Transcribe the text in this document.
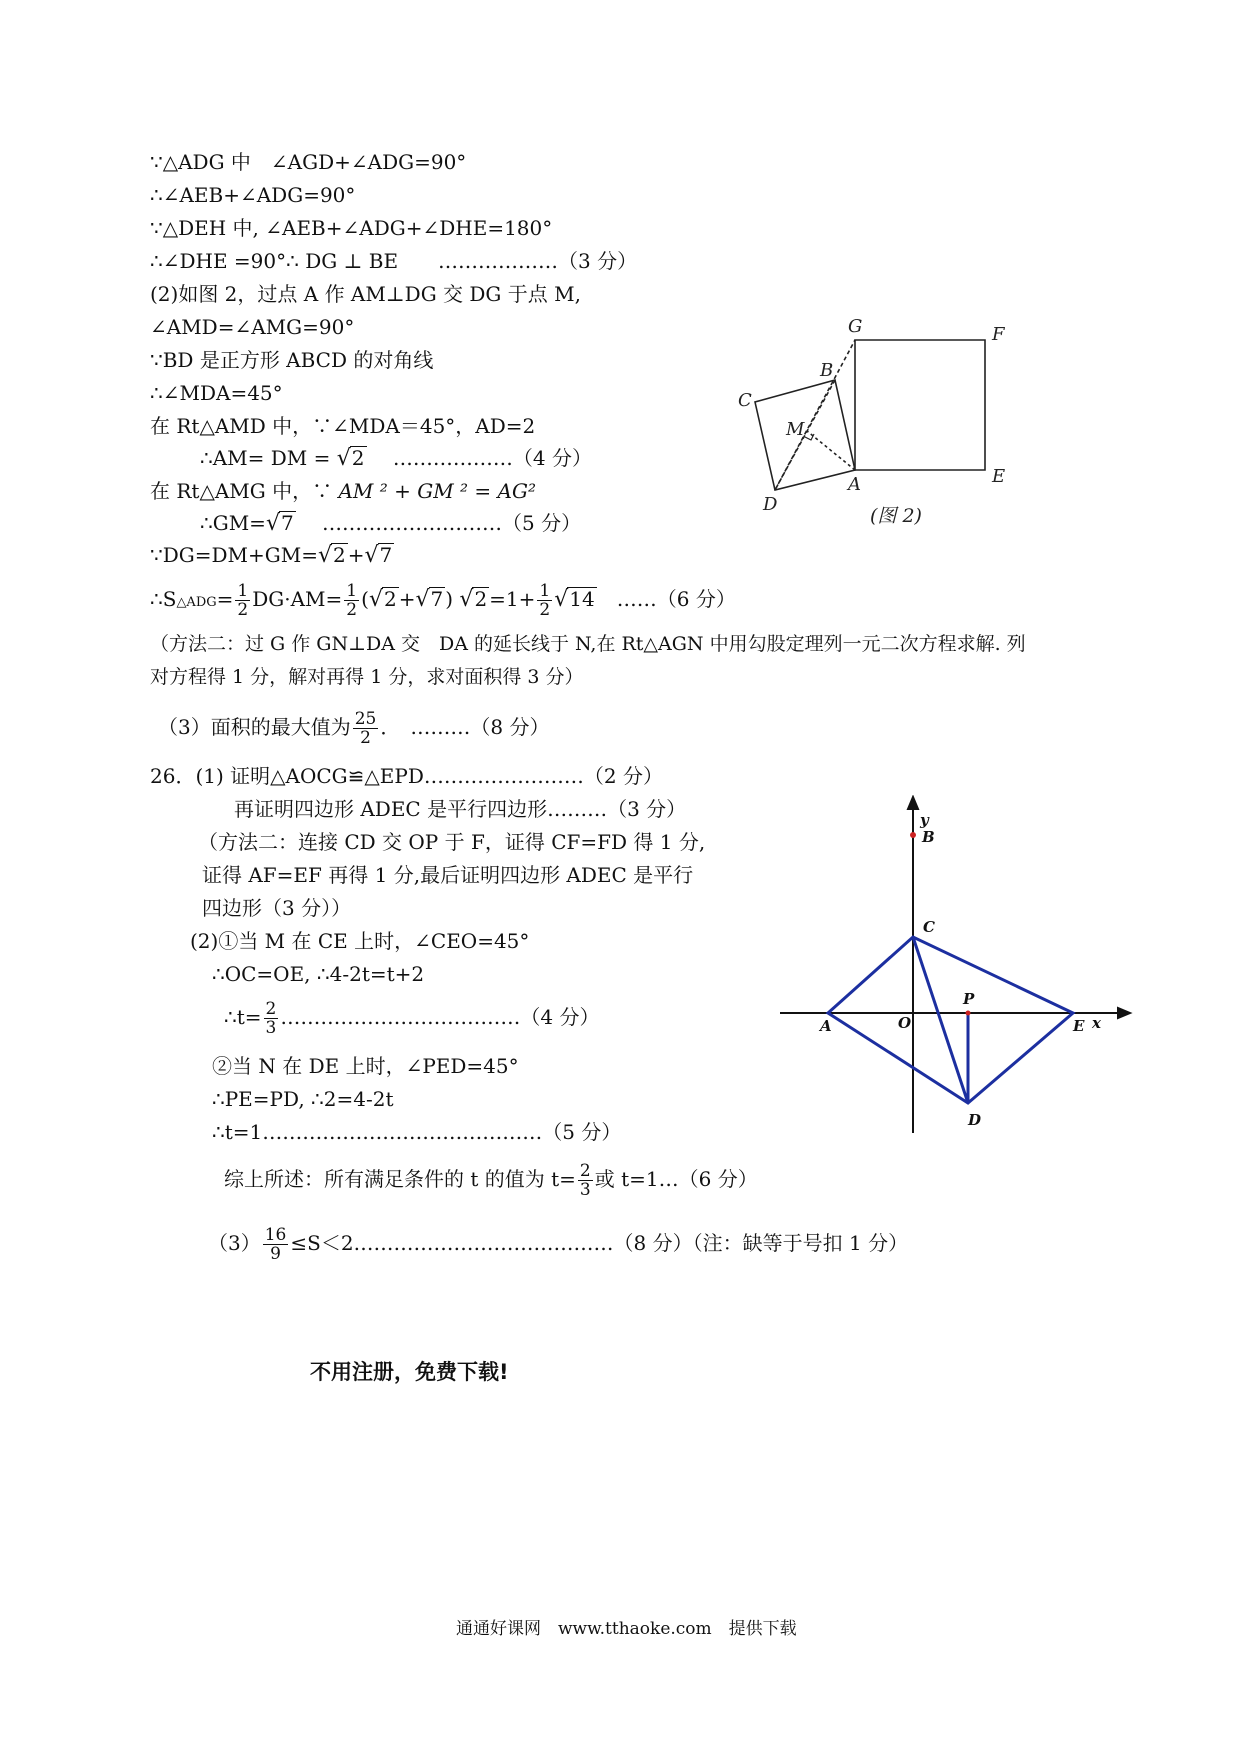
∵△ADG 中　∠AGD+∠ADG=90°
∴∠AEB+∠ADG=90°
∵△DEH 中, ∠AEB+∠ADG+∠DHE=180°
∴∠DHE =90°∴ DG ⊥ BE　　………………（3 分）
(2)如图 2，过点 A 作 AM⊥DG 交 DG 于点 M,
∠AMD=∠AMG=90°
∵BD 是正方形 ABCD 的对角线
∴∠MDA=45°
在 Rt△AMD 中，∵∠MDA＝45°，AD=2
∴AM= DM = √2　 ………………（4 分）
在 Rt△AMG 中，∵ AM ² + GM ² = AG²
∴GM=√7　 ………………………（5 分）
∵DG=DM+GM=√2 +√7
∴S△ADG= $\frac{1}{2} DG\cdot AM= \frac{1}{2} (√2 +√7$ ) $√2 =1+ \frac{1}{2} √14$　……（6 分）
（方法二：过 G 作 GN⊥DA 交　DA 的延长线于 N,在 Rt△AGN 中用勾股定理列一元二次方程求解. 列
对方程得 1 分，解对再得 1 分，求对面积得 3 分）
（3）面积的最大值为 $\frac{25}{2}$ ．　………（8 分）
26．(1) 证明△AOCG≌△EPD……………………（2 分）
再证明四边形 ADEC 是平行四边形………（3 分）
（方法二：连接 CD 交 OP 于 F，证得 CF=FD 得 1 分,
证得 AF=EF 再得 1 分,最后证明四边形 ADEC 是平行
四边形（3 分））
(2)①当 M 在 CE 上时，∠CEO=45°
∴OC=OE, ∴4-2t=t+2
∴t= $\frac{2}{3}$ ………………………………（4 分）
②当 N 在 DE 上时，∠PED=45°
∴PE=PD, ∴2=4-2t
∴t=1……………………………………（5 分）
综上所述：所有满足条件的 t 的值为 $t= \frac{2}{3}$ 或 t=1…（6 分）
$(3) \frac{16}{9}$ ≤S＜2…………………………………（8 分）（注：缺等于号扣 1 分）
不用注册，免费下载!
通通好课网　www.tthaoke.com　提供下载
G	F
B
C
M
A	E
D
(图 2)
y
B
C
P
A	O	E x
D
